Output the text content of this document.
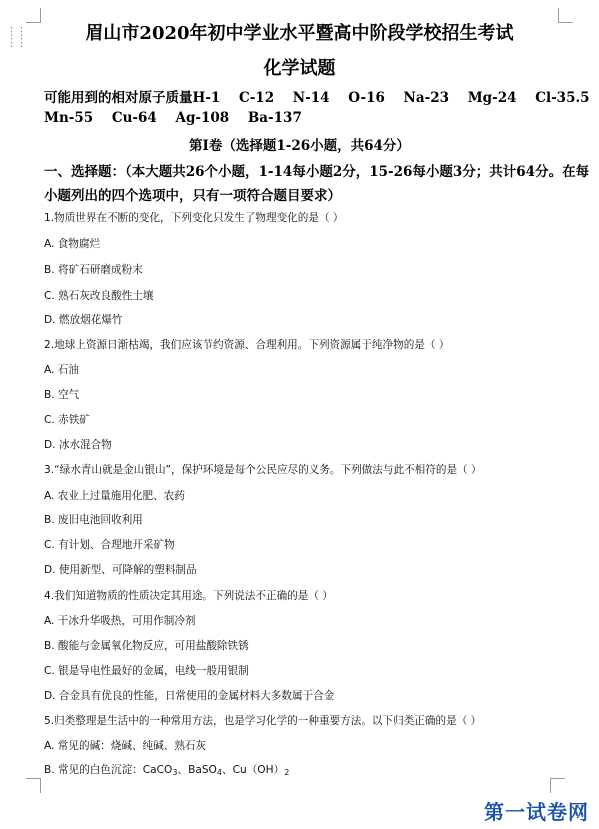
⋮⋮
⋮⋮	眉山市2020年初中学业水平暨高中阶段学校招生考试
化学试题
可能用到的相对原子质量H-1 C-12 N-14 O-16 Na-23 Mg-24 Cl-35.5
Mn-55 Cu-64 Ag-108 Ba-137
第Ⅰ卷（选择题1-26小题，共64分）
一、选择题：（本大题共26个小题，1-14每小题2分，15-26每小题3分；共计64分。在每
小题列出的四个选项中，只有一项符合题目要求）
1.物质世界在不断的变化，下列变化只发生了物理变化的是（ ）
A. 食物腐烂
B. 将矿石研磨成粉末
C. 熟石灰改良酸性土壤
D. 燃放烟花爆竹
2.地球上资源日渐枯竭，我们应该节约资源、合理利用。下列资源属于纯净物的是（ ）
A. 石油
B. 空气
C. 赤铁矿
D. 冰水混合物
3.“绿水青山就是金山银山”，保护环境是每个公民应尽的义务。下列做法与此不相符的是（ ）
A. 农业上过量施用化肥、农药
B. 废旧电池回收利用
C. 有计划、合理地开采矿物
D. 使用新型、可降解的塑料制品
4.我们知道物质的性质决定其用途。下列说法不正确的是（ ）
A. 干冰升华吸热，可用作制冷剂
B. 酸能与金属氧化物反应，可用盐酸除铁锈
C. 银是导电性最好的金属，电线一般用银制
D. 合金具有优良的性能，日常使用的金属材料大多数属于合金
5.归类整理是生活中的一种常用方法，也是学习化学的一种重要方法。以下归类正确的是（ ）
A. 常见的碱：烧碱、纯碱、熟石灰
B. 常见的白色沉淀：CaCO$_3$、BaSO$_4$、$Cu(OH)_2$
第一试卷网
